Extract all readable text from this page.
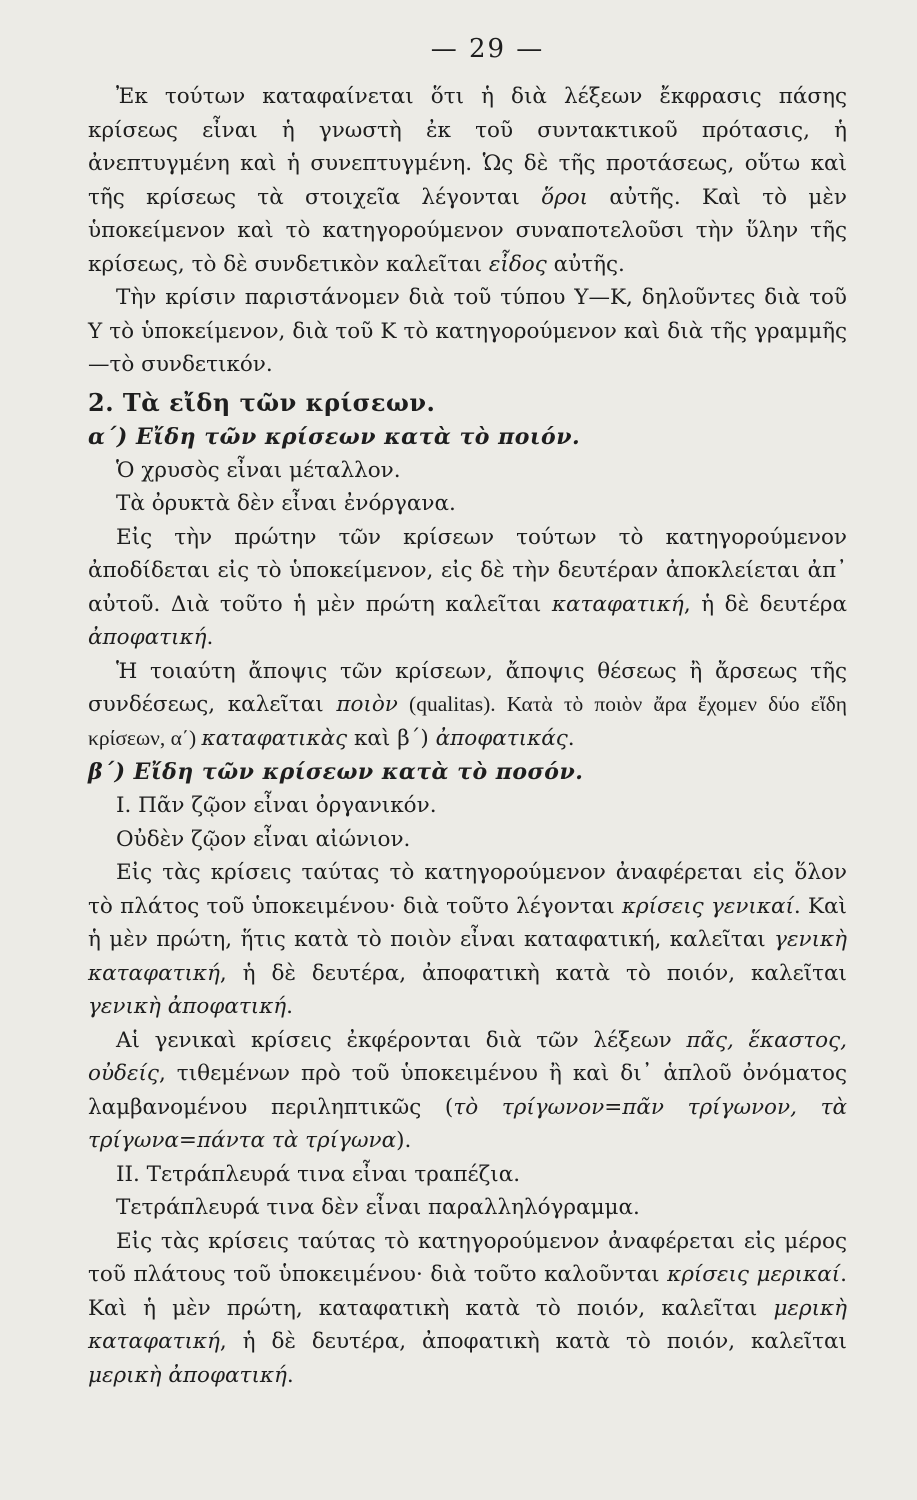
— 29 —

Ἐκ τούτων καταφαίνεται ὅτι ἡ διὰ λέξεων ἔκφρασις πάσης κρίσεως εἶναι ἡ γνωστὴ ἐκ τοῦ συντακτικοῦ πρότασις, ἡ ἀνεπτυγμένη καὶ ἡ συνεπτυγμένη. Ὡς δὲ τῆς προτάσεως, οὕτω καὶ τῆς κρίσεως τὰ στοιχεῖα λέγονται ὅροι αὐτῆς. Καὶ τὸ μὲν ὑποκείμενον καὶ τὸ κατηγορούμενον συναποτελοῦσι τὴν ὕλην τῆς κρίσεως, τὸ δὲ συνδετικὸν καλεῖται εἶδος αὐτῆς.

Τὴν κρίσιν παριστάνομεν διὰ τοῦ τύπου Υ—Κ, δηλοῦντες διὰ τοῦ Υ τὸ ὑποκείμενον, διὰ τοῦ Κ τὸ κατηγορούμενον καὶ διὰ τῆς γραμμῆς—τὸ συνδετικόν.

2. Τὰ εἴδη τῶν κρίσεων.
α΄) Εἴδη τῶν κρίσεων κατὰ τὸ ποιόν.

Ὁ χρυσὸς εἶναι μέταλλον.

Τὰ ὀρυκτὰ δὲν εἶναι ἐνόργανα.

Εἰς τὴν πρώτην τῶν κρίσεων τούτων τὸ κατηγορούμενον ἀποδίδεται εἰς τὸ ὑποκείμενον, εἰς δὲ τὴν δευτέραν ἀποκλείεται ἀπ᾽ αὐτοῦ. Διὰ τοῦτο ἡ μὲν πρώτη καλεῖται καταφατική, ἡ δὲ δευτέρα ἀποφατική.

Ἡ τοιαύτη ἄποψις τῶν κρίσεων, ἄποψις θέσεως ἢ ἄρσεως τῆς συνδέσεως, καλεῖται ποιὸν (qualitas). Κατὰ τὸ ποιὸν ἄρα ἔχομεν δύο εἴδη κρίσεων, α΄) καταφατικὰς καὶ β΄) ἀποφατικάς.

β΄) Εἴδη τῶν κρίσεων κατὰ τὸ ποσόν.

Ι. Πᾶν ζῷον εἶναι ὀργανικόν.

Οὐδὲν ζῷον εἶναι αἰώνιον.

Εἰς τὰς κρίσεις ταύτας τὸ κατηγορούμενον ἀναφέρεται εἰς ὅλον τὸ πλάτος τοῦ ὑποκειμένου· διὰ τοῦτο λέγονται κρίσεις γενικαί. Καὶ ἡ μὲν πρώτη, ἥτις κατὰ τὸ ποιὸν εἶναι καταφατική, καλεῖται γενικὴ καταφατική, ἡ δὲ δευτέρα, ἀποφατικὴ κατὰ τὸ ποιόν, καλεῖται γενικὴ ἀποφατική.

Αἱ γενικαὶ κρίσεις ἐκφέρονται διὰ τῶν λέξεων πᾶς, ἕκαστος, οὐδείς, τιθεμένων πρὸ τοῦ ὑποκειμένου ἢ καὶ δι᾽ ἁπλοῦ ὀνόματος λαμβανομένου περιληπτικῶς (τὸ τρίγωνον=πᾶν τρίγωνον, τὰ τρίγωνα=πάντα τὰ τρίγωνα).

ΙΙ. Τετράπλευρά τινα εἶναι τραπέζια.

Τετράπλευρά τινα δὲν εἶναι παραλληλόγραμμα.

Εἰς τὰς κρίσεις ταύτας τὸ κατηγορούμενον ἀναφέρεται εἰς μέρος τοῦ πλάτους τοῦ ὑποκειμένου· διὰ τοῦτο καλοῦνται κρίσεις μερικαί. Καὶ ἡ μὲν πρώτη, καταφατικὴ κατὰ τὸ ποιόν, καλεῖται μερικὴ καταφατική, ἡ δὲ δευτέρα, ἀποφατικὴ κατὰ τὸ ποιόν, καλεῖται μερικὴ ἀποφατική.
